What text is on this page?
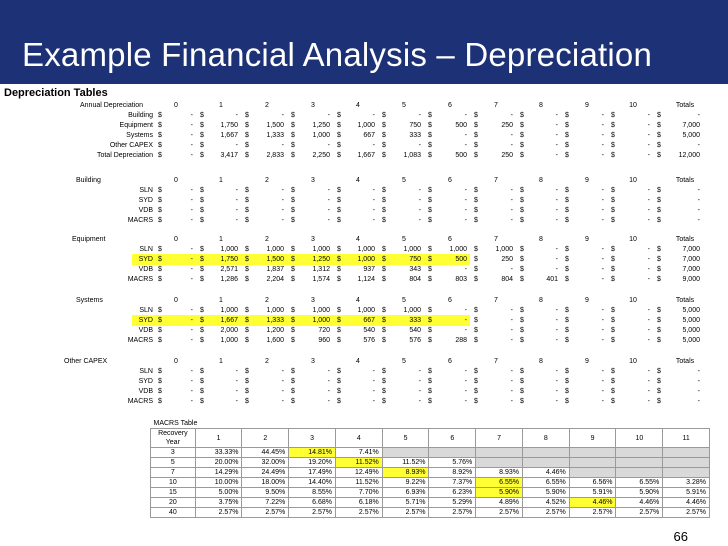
Example Financial Analysis – Depreciation
Depreciation Tables
Annual Depreciation	0	1	2	3	4	5	6	7	8	9	10	Totals
Building $	- $	- $	- $	- $	- $	- $	- $	- $	- $	- $	- $	-
Equipment $	- $	1,750 $	1,500 $	1,250 $	1,000 $	750 $	500 $	250 $	- $	- $	- $	7,000
Systems $	- $	1,667 $	1,333 $	1,000 $	667 $	333 $	- $	- $	- $	- $	- $	5,000
Other CAPEX $	- $	- $	- $	- $	- $	- $	- $	- $	- $	- $	- $	-
Total Depreciation $	- $	3,417 $	2,833 $	2,250 $	1,667 $	1,083 $	500 $	250 $	- $	- $	- $	12,000
Building	0	1	2	3	4	5	6	7	8	9	10	Totals
SLN $	- $	- $	- $	- $	- $	- $	- $	- $	- $	- $	- $	-
SYD $	- $	- $	- $	- $	- $	- $	- $	- $	- $	- $	- $	-
VDB $	- $	- $	- $	- $	- $	- $	- $	- $	- $	- $	- $	-
MACRS $	- $	- $	- $	- $	- $	- $	- $	- $	- $	- $	- $	-
Equipment	0	1	2	3	4	5	6	7	8	9	10	Totals
SLN $	- $	1,000 $	1,000 $	1,000 $	1,000 $	1,000 $	1,000 $	1,000 $	- $	- $	- $	7,000
SYD $	- $	1,750 $	1,500 $	1,250 $	1,000 $	750 $	500 $	250 $	- $	- $	- $	7,000
VDB $	- $	2,571 $	1,837 $	1,312 $	937 $	343 $	- $	- $	- $	- $	- $	7,000
MACRS $	- $	1,286 $	2,204 $	1,574 $	1,124 $	804 $	803 $	804 $	401 $	- $	- $	9,000
Systems	0	1	2	3	4	5	6	7	8	9	10	Totals
SLN $	- $	1,000 $	1,000 $	1,000 $	1,000 $	1,000 $	- $	- $	- $	- $	- $	5,000
SYD $	- $	1,667 $	1,333 $	1,000 $	667 $	333 $	- $	- $	- $	- $	- $	5,000
VDB $	- $	2,000 $	1,200 $	720 $	540 $	540 $	- $	- $	- $	- $	- $	5,000
MACRS $	- $	1,000 $	1,600 $	960 $	576 $	576 $	288 $	- $	- $	- $	- $	5,000
Other CAPEX	0	1	2	3	4	5	6	7	8	9	10	Totals
SLN $	- $	- $	- $	- $	- $	- $	- $	- $	- $	- $	- $	-
SYD $	- $	- $	- $	- $	- $	- $	- $	- $	- $	- $	- $	-
VDB $	- $	- $	- $	- $	- $	- $	- $	- $	- $	- $	- $	-
MACRS $	- $	- $	- $	- $	- $	- $	- $	- $	- $	- $	- $	-
MACRS Table											

Recovery
Year	1	2	3	4	5	6	7	8	9	10	11
3	33.33%	44.45%	14.81%	7.41%							
5	20.00%	32.00%	19.20%	11.52%	11.52%	5.76%					
7	14.29%	24.49%	17.49%	12.49%	8.93%	8.92%	8.93%	4.46%			
10	10.00%	18.00%	14.40%	11.52%	9.22%	7.37%	6.55%	6.55%	6.56%	6.55%	3.28%
15	5.00%	9.50%	8.55%	7.70%	6.93%	6.23%	5.90%	5.90%	5.91%	5.90%	5.91%
20	3.75%	7.22%	6.68%	6.18%	5.71%	5.29%	4.89%	4.52%	4.46%	4.46%	4.46%
40	2.57%	2.57%	2.57%	2.57%	2.57%	2.57%	2.57%	2.57%	2.57%	2.57%	2.57%
66
